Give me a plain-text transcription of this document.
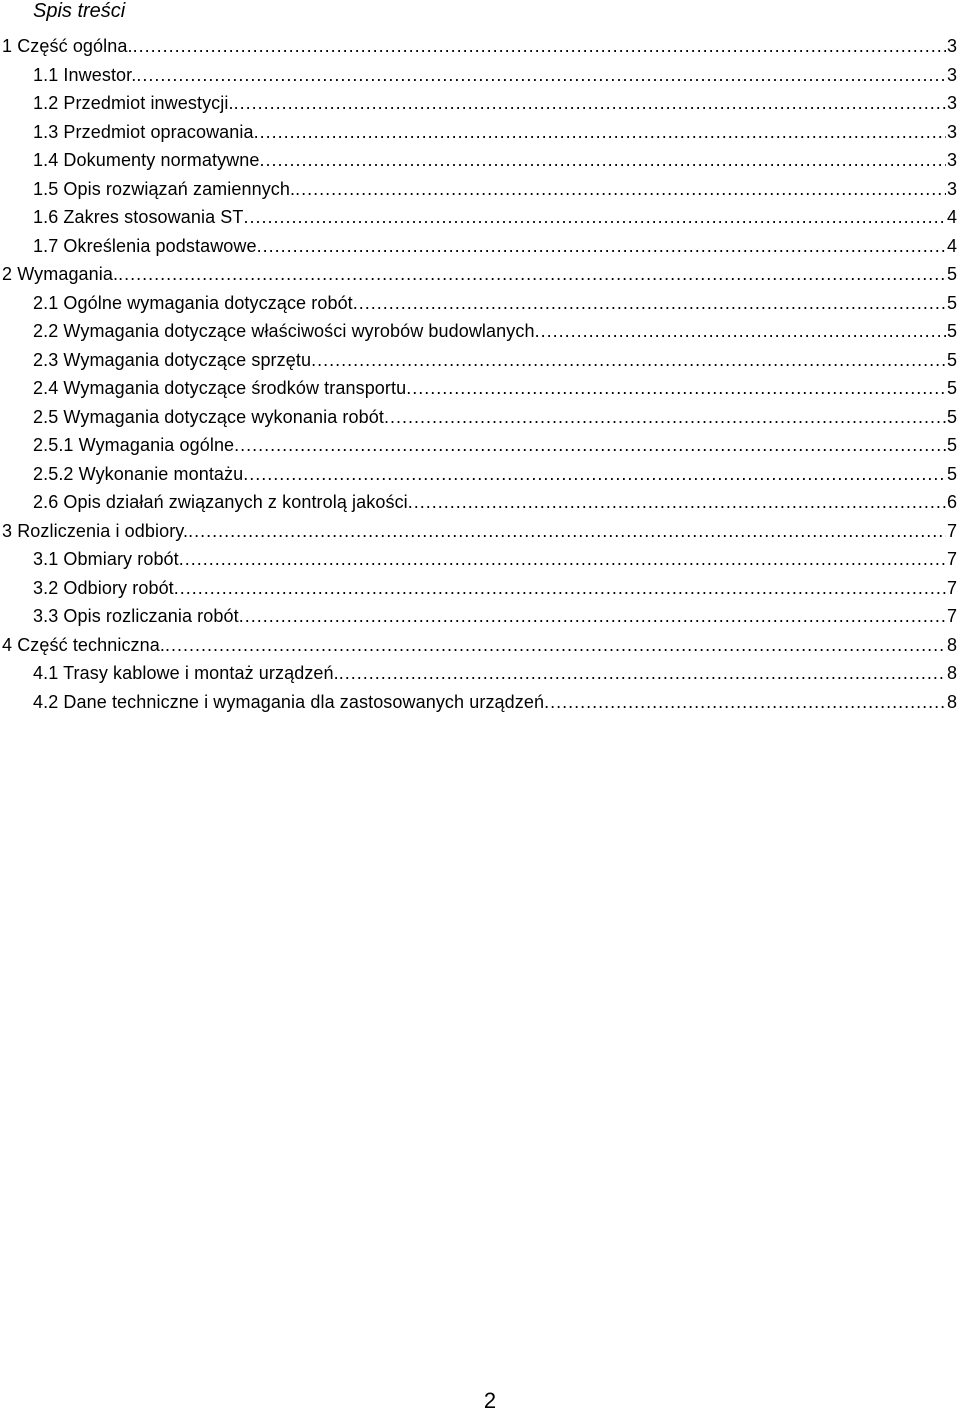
Spis treści
1 Część ogólna. .....	3
1.1 Inwestor. .....	3
1.2 Przedmiot inwestycji. .....	3
1.3 Przedmiot opracowania .....	3
1.4 Dokumenty normatywne .....	3
1.5 Opis rozwiązań zamiennych. .....	3
1.6 Zakres stosowania ST .....	4
1.7 Określenia podstawowe .....	4
2 Wymagania. .....	5
2.1 Ogólne wymagania dotyczące robót .....	5
2.2 Wymagania dotyczące właściwości wyrobów budowlanych .....	5
2.3 Wymagania dotyczące sprzętu .....	5
2.4 Wymagania dotyczące środków transportu .....	5
2.5 Wymagania dotyczące wykonania robót .....	5
2.5.1 Wymagania ogólne .....	5
2.5.2 Wykonanie montażu .....	5
2.6 Opis działań związanych z kontrolą jakości .....	6
3 Rozliczenia i odbiory. .....	7
3.1 Obmiary robót .....	7
3.2 Odbiory robót .....	7
3.3 Opis rozliczania robót .....	7
4 Część techniczna. .....	8
4.1 Trasy kablowe i montaż urządzeń. .....	8
4.2 Dane techniczne i wymagania dla zastosowanych urządzeń .....	8
2
